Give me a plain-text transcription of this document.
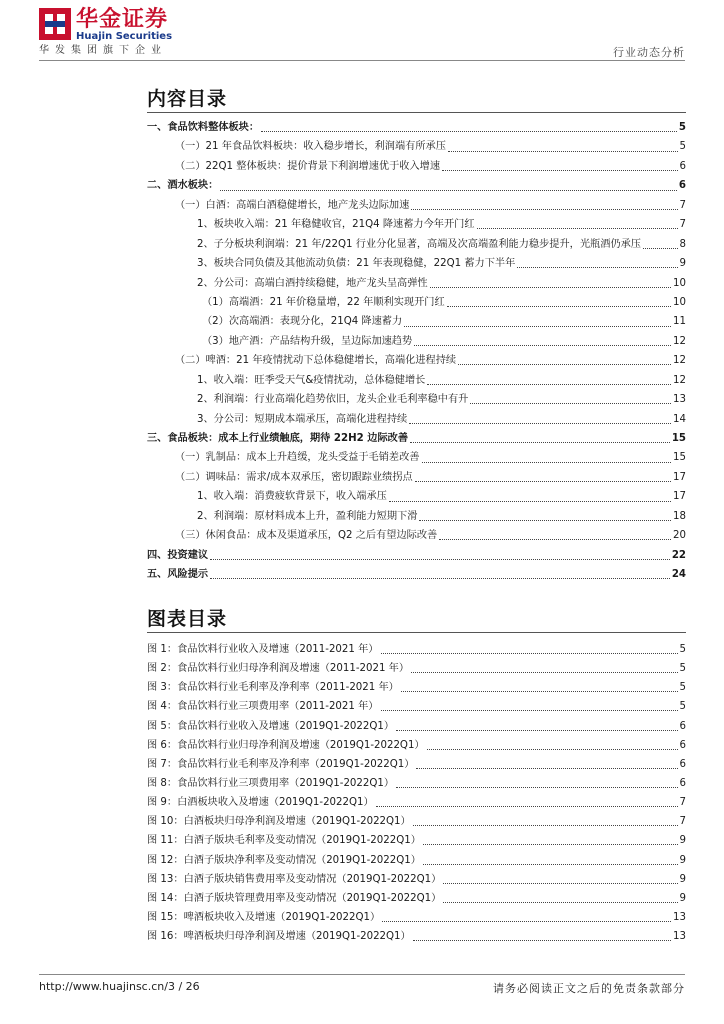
华金证券
Huajin Securities
华发集团旗下企业	行业动态分析
内容目录
一、食品饮料整体板块：	5
（一）21 年食品饮料板块：收入稳步增长，利润端有所承压	5
（二）22Q1 整体板块：提价背景下利润增速优于收入增速	6
二、酒水板块：	6
（一）白酒：高端白酒稳健增长，地产龙头边际加速	7
1、板块收入端：21 年稳健收官，21Q4 降速蓄力今年开门红	7
2、子分板块利润端：21 年/22Q1 行业分化显著，高端及次高端盈利能力稳步提升，光瓶酒仍承压	8
3、板块合同负债及其他流动负债：21 年表现稳健，22Q1 蓄力下半年	9
2、分公司：高端白酒持续稳健，地产龙头呈高弹性	10
（1）高端酒：21 年价稳量增，22 年顺利实现开门红	10
（2）次高端酒：表现分化，21Q4 降速蓄力	11
（3）地产酒：产品结构升级，呈边际加速趋势	12
（二）啤酒：21 年疫情扰动下总体稳健增长，高端化进程持续	12
1、收入端：旺季受天气&疫情扰动，总体稳健增长	12
2、利润端：行业高端化趋势依旧，龙头企业毛利率稳中有升	13
3、分公司：短期成本端承压，高端化进程持续	14
三、食品板块：成本上行业绩触底，期待 22H2 边际改善	15
（一）乳制品：成本上升趋缓，龙头受益于毛销差改善	15
（二）调味品：需求/成本双承压，密切跟踪业绩拐点	17
1、收入端：消费疲软背景下，收入端承压	17
2、利润端：原材料成本上升，盈利能力短期下滑	18
（三）休闲食品：成本及渠道承压，Q2 之后有望边际改善	20
四、投资建议	22
五、风险提示	24
图表目录
图 1：食品饮料行业收入及增速（2011-2021 年）	5
图 2：食品饮料行业归母净利润及增速（2011-2021 年）	5
图 3：食品饮料行业毛利率及净利率（2011-2021 年）	5
图 4：食品饮料行业三项费用率（2011-2021 年）	5
图 5：食品饮料行业收入及增速（2019Q1-2022Q1）	6
图 6：食品饮料行业归母净利润及增速（2019Q1-2022Q1）	6
图 7：食品饮料行业毛利率及净利率（2019Q1-2022Q1）	6
图 8：食品饮料行业三项费用率（2019Q1-2022Q1）	6
图 9：白酒板块收入及增速（2019Q1-2022Q1）	7
图 10：白酒板块归母净利润及增速（2019Q1-2022Q1）	7
图 11：白酒子版块毛利率及变动情况（2019Q1-2022Q1）	9
图 12：白酒子版块净利率及变动情况（2019Q1-2022Q1）	9
图 13：白酒子版块销售费用率及变动情况（2019Q1-2022Q1）	9
图 14：白酒子版块管理费用率及变动情况（2019Q1-2022Q1）	9
图 15：啤酒板块收入及增速（2019Q1-2022Q1）	13
图 16：啤酒板块归母净利润及增速（2019Q1-2022Q1）	13
http://www.huajinsc.cn/3 / 26	请务必阅读正文之后的免责条款部分
